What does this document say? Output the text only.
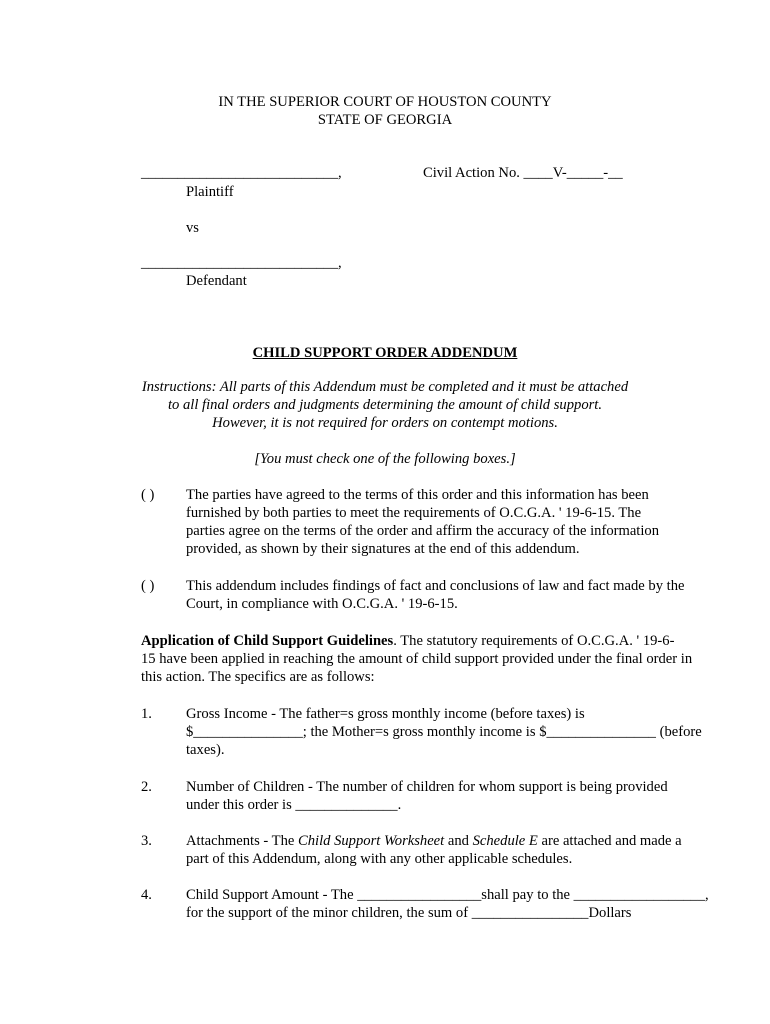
IN THE SUPERIOR COURT OF HOUSTON COUNTY
STATE OF GEORGIA
___________________________,	Civil Action No. ____V-_____-__
Plaintiff
vs
___________________________,
Defendant
CHILD SUPPORT ORDER ADDENDUM
Instructions: All parts of this Addendum must be completed and it must be attached
to all final orders and judgments determining the amount of child support.
However, it is not required for orders on contempt motions.
[You must check one of the following boxes.]
( ) The parties have agreed to the terms of this order and this information has been
furnished by both parties to meet the requirements of O.C.G.A. ' 19-6-15. The
parties agree on the terms of the order and affirm the accuracy of the information
provided, as shown by their signatures at the end of this addendum.
( ) This addendum includes findings of fact and conclusions of law and fact made by the
Court, in compliance with O.C.G.A. ' 19-6-15.
Application of Child Support Guidelines. The statutory requirements of O.C.G.A. ' 19-6-
15 have been applied in reaching the amount of child support provided under the final order in
this action. The specifics are as follows:
1. Gross Income - The father=s gross monthly income (before taxes) is
$_______________; the Mother=s gross monthly income is $_______________ (before
taxes).
2. Number of Children - The number of children for whom support is being provided
under this order is ______________.
3. Attachments - The Child Support Worksheet and Schedule E are attached and made a
part of this Addendum, along with any other applicable schedules.
4. Child Support Amount - The _________________shall pay to the __________________,
for the support of the minor children, the sum of ________________Dollars
